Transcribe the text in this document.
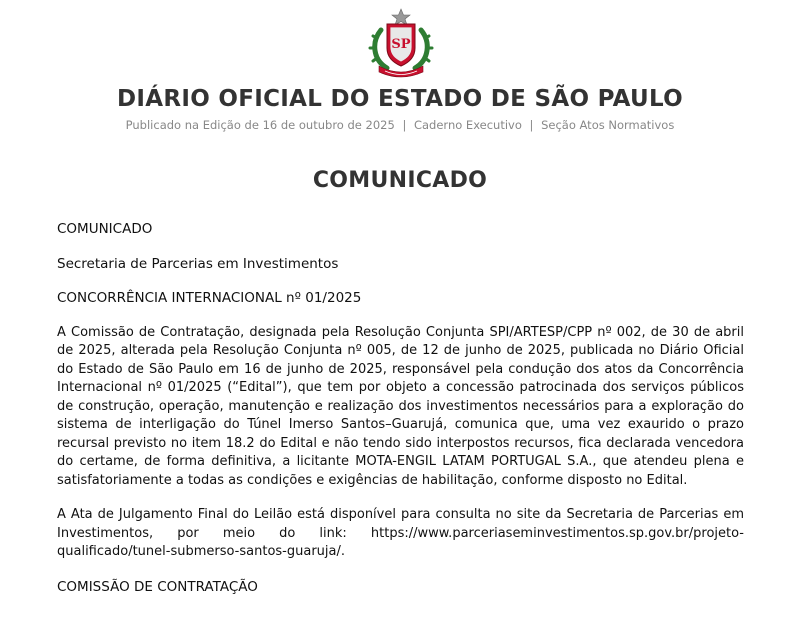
SP
DIÁRIO OFICIAL DO ESTADO DE SÃO PAULO
Publicado na Edição de 16 de outubro de 2025 | Caderno Executivo | Seção Atos Normativos
COMUNICADO

COMUNICADO

Secretaria de Parcerias em Investimentos

CONCORRÊNCIA INTERNACIONAL nº 01/2025

A Comissão de Contratação, designada pela Resolução Conjunta SPI/ARTESP/CPP nº 002, de 30 de abril de 2025, alterada pela Resolução Conjunta nº 005, de 12 de junho de 2025, publicada no Diário Oficial do Estado de São Paulo em 16 de junho de 2025, responsável pela condução dos atos da Concorrência Internacional nº 01/2025 (“Edital”), que tem por objeto a concessão patrocinada dos serviços públicos de construção, operação, manutenção e realização dos investimentos necessários para a exploração do sistema de interligação do Túnel Imerso Santos–Guarujá, comunica que, uma vez exaurido o prazo recursal previsto no item 18.2 do Edital e não tendo sido interpostos recursos, fica declarada vencedora do certame, de forma definitiva, a licitante MOTA-ENGIL LATAM PORTUGAL S.A., que atendeu plena e satisfatoriamente a todas as condições e exigências de habilitação, conforme disposto no Edital.

A Ata de Julgamento Final do Leilão está disponível para consulta no site da Secretaria de Parcerias em Investimentos, por meio do link: https://www.parceriaseminvestimentos.sp.gov.br/projeto-qualificado/tunel-submerso-santos-guaruja/.

COMISSÃO DE CONTRATAÇÃO
